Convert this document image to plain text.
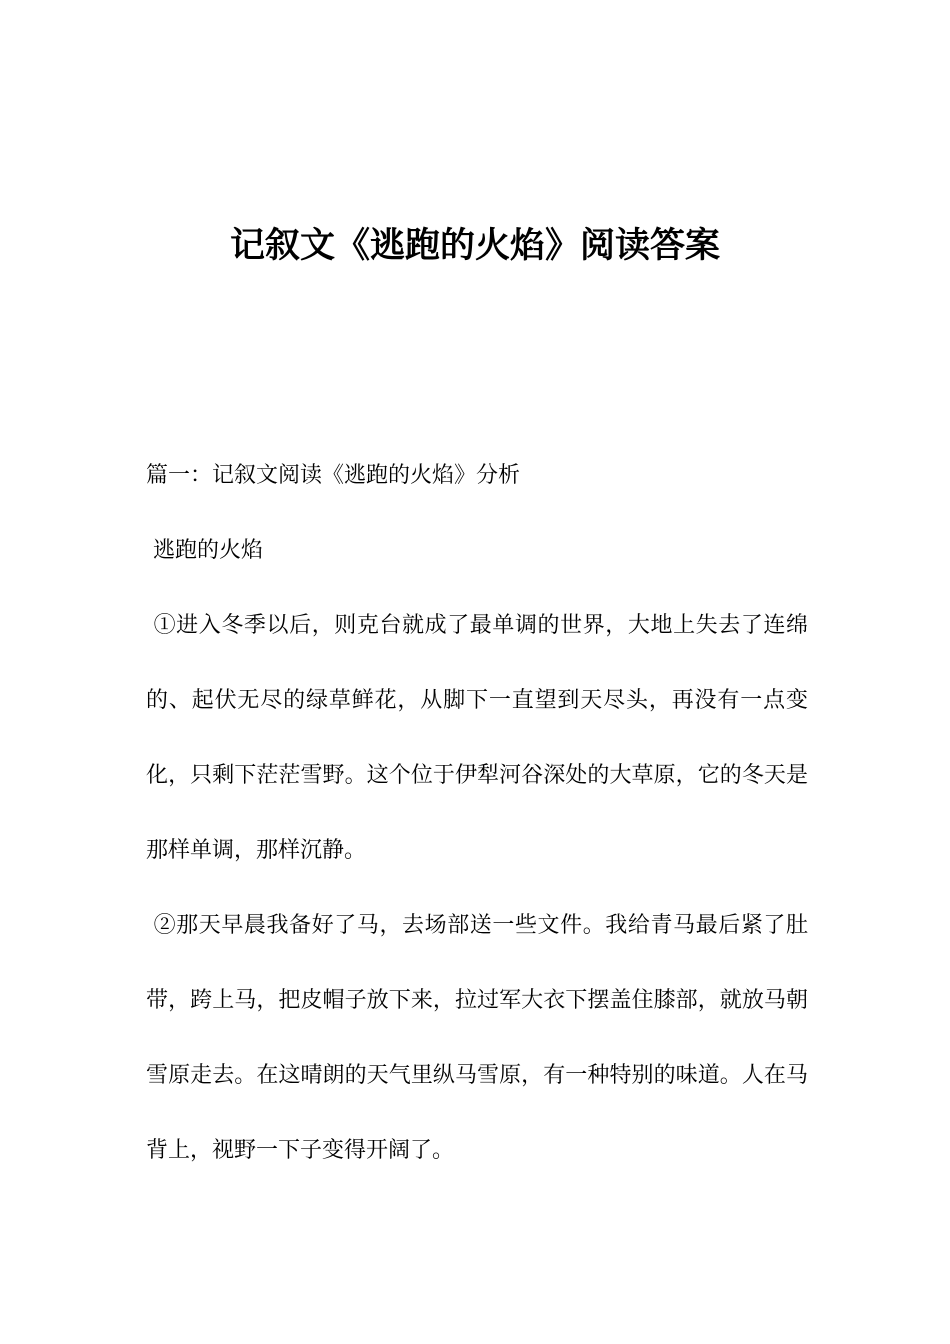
记叙文《逃跑的火焰》阅读答案

篇一：记叙文阅读《逃跑的火焰》分析

逃跑的火焰

①进入冬季以后，则克台就成了最单调的世界，大地上失去了连绵的、起伏无尽的绿草鲜花，从脚下一直望到天尽头，再没有一点变化，只剩下茫茫雪野。这个位于伊犁河谷深处的大草原，它的冬天是那样单调，那样沉静。

②那天早晨我备好了马，去场部送一些文件。我给青马最后紧了肚带，跨上马，把皮帽子放下来，拉过军大衣下摆盖住膝部，就放马朝雪原走去。在这晴朗的天气里纵马雪原，有一种特别的味道。人在马背上，视野一下子变得开阔了。
